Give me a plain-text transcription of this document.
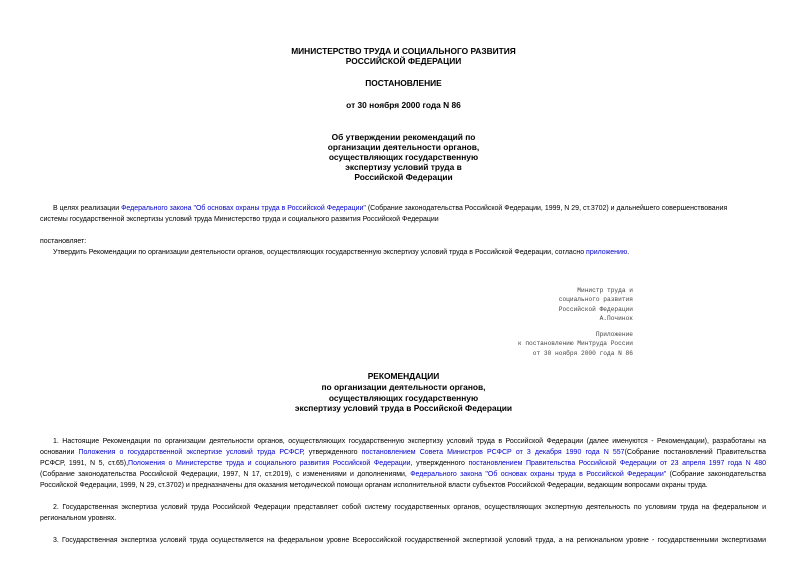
МИНИСТЕРСТВО ТРУДА И СОЦИАЛЬНОГО РАЗВИТИЯ
РОССИЙСКОЙ ФЕДЕРАЦИИ
ПОСТАНОВЛЕНИЕ
от 30 ноября 2000 года N 86
Об утверждении рекомендаций по
организации деятельности органов,
осуществляющих государственную
экспертизу условий труда в
Российской Федерации
В целях реализации Федерального закона "Об основах охраны труда в Российской Федерации" (Собрание законодательства Российской Федерации, 1999, N 29, ст.3702) и дальнейшего совершенствования
системы государственной экспертизы условий труда Министерство труда и социального развития Российской Федерации
постановляет:
Утвердить Рекомендации по организации деятельности органов, осуществляющих государственную экспертизу условий труда в Российской Федерации, согласно приложению.
Министр труда и
социального развития
Российской Федерации
А.Починок
Приложение
к постановлению Минтруда России
от 30 ноября 2000 года N 86
РЕКОМЕНДАЦИИ
по организации деятельности органов,
осуществляющих государственную
экспертизу условий труда в Российской Федерации
1. Настоящие Рекомендации по организации деятельности органов, осуществляющих государственную экспертизу условий труда в Российской Федерации (далее именуются - Рекомендации), разработаны на
основании Положения о государственной экспертизе условий труда РСФСР, утвержденного постановлением Совета Министров РСФСР от 3 декабря 1990 года N 557(Собрание постановлений Правительства
РСФСР, 1991, N 5, ст.65),Положения о Министерстве труда и социального развития Российской Федерации, утвержденного постановлением Правительства Российской Федерации от 23 апреля 1997 года N 480
(Собрание законодательства Российской Федерации, 1997, N 17, ст.2019), с изменениями и дополнениями, Федерального закона "Об основах охраны труда в Российской Федерации" (Собрание законодательства
Российской Федерации, 1999, N 29, ст.3702) и предназначены для оказания методической помощи органам исполнительной власти субъектов Российской Федерации, ведающим вопросами охраны труда.
2. Государственная экспертиза условий труда Российской Федерации представляет собой систему государственных органов, осуществляющих экспертную деятельность по условиям труда на федеральном и
региональном уровнях.
3. Государственная экспертиза условий труда осуществляется на федеральном уровне Всероссийской государственной экспертизой условий труда, а на региональном уровне - государственными экспертизами
